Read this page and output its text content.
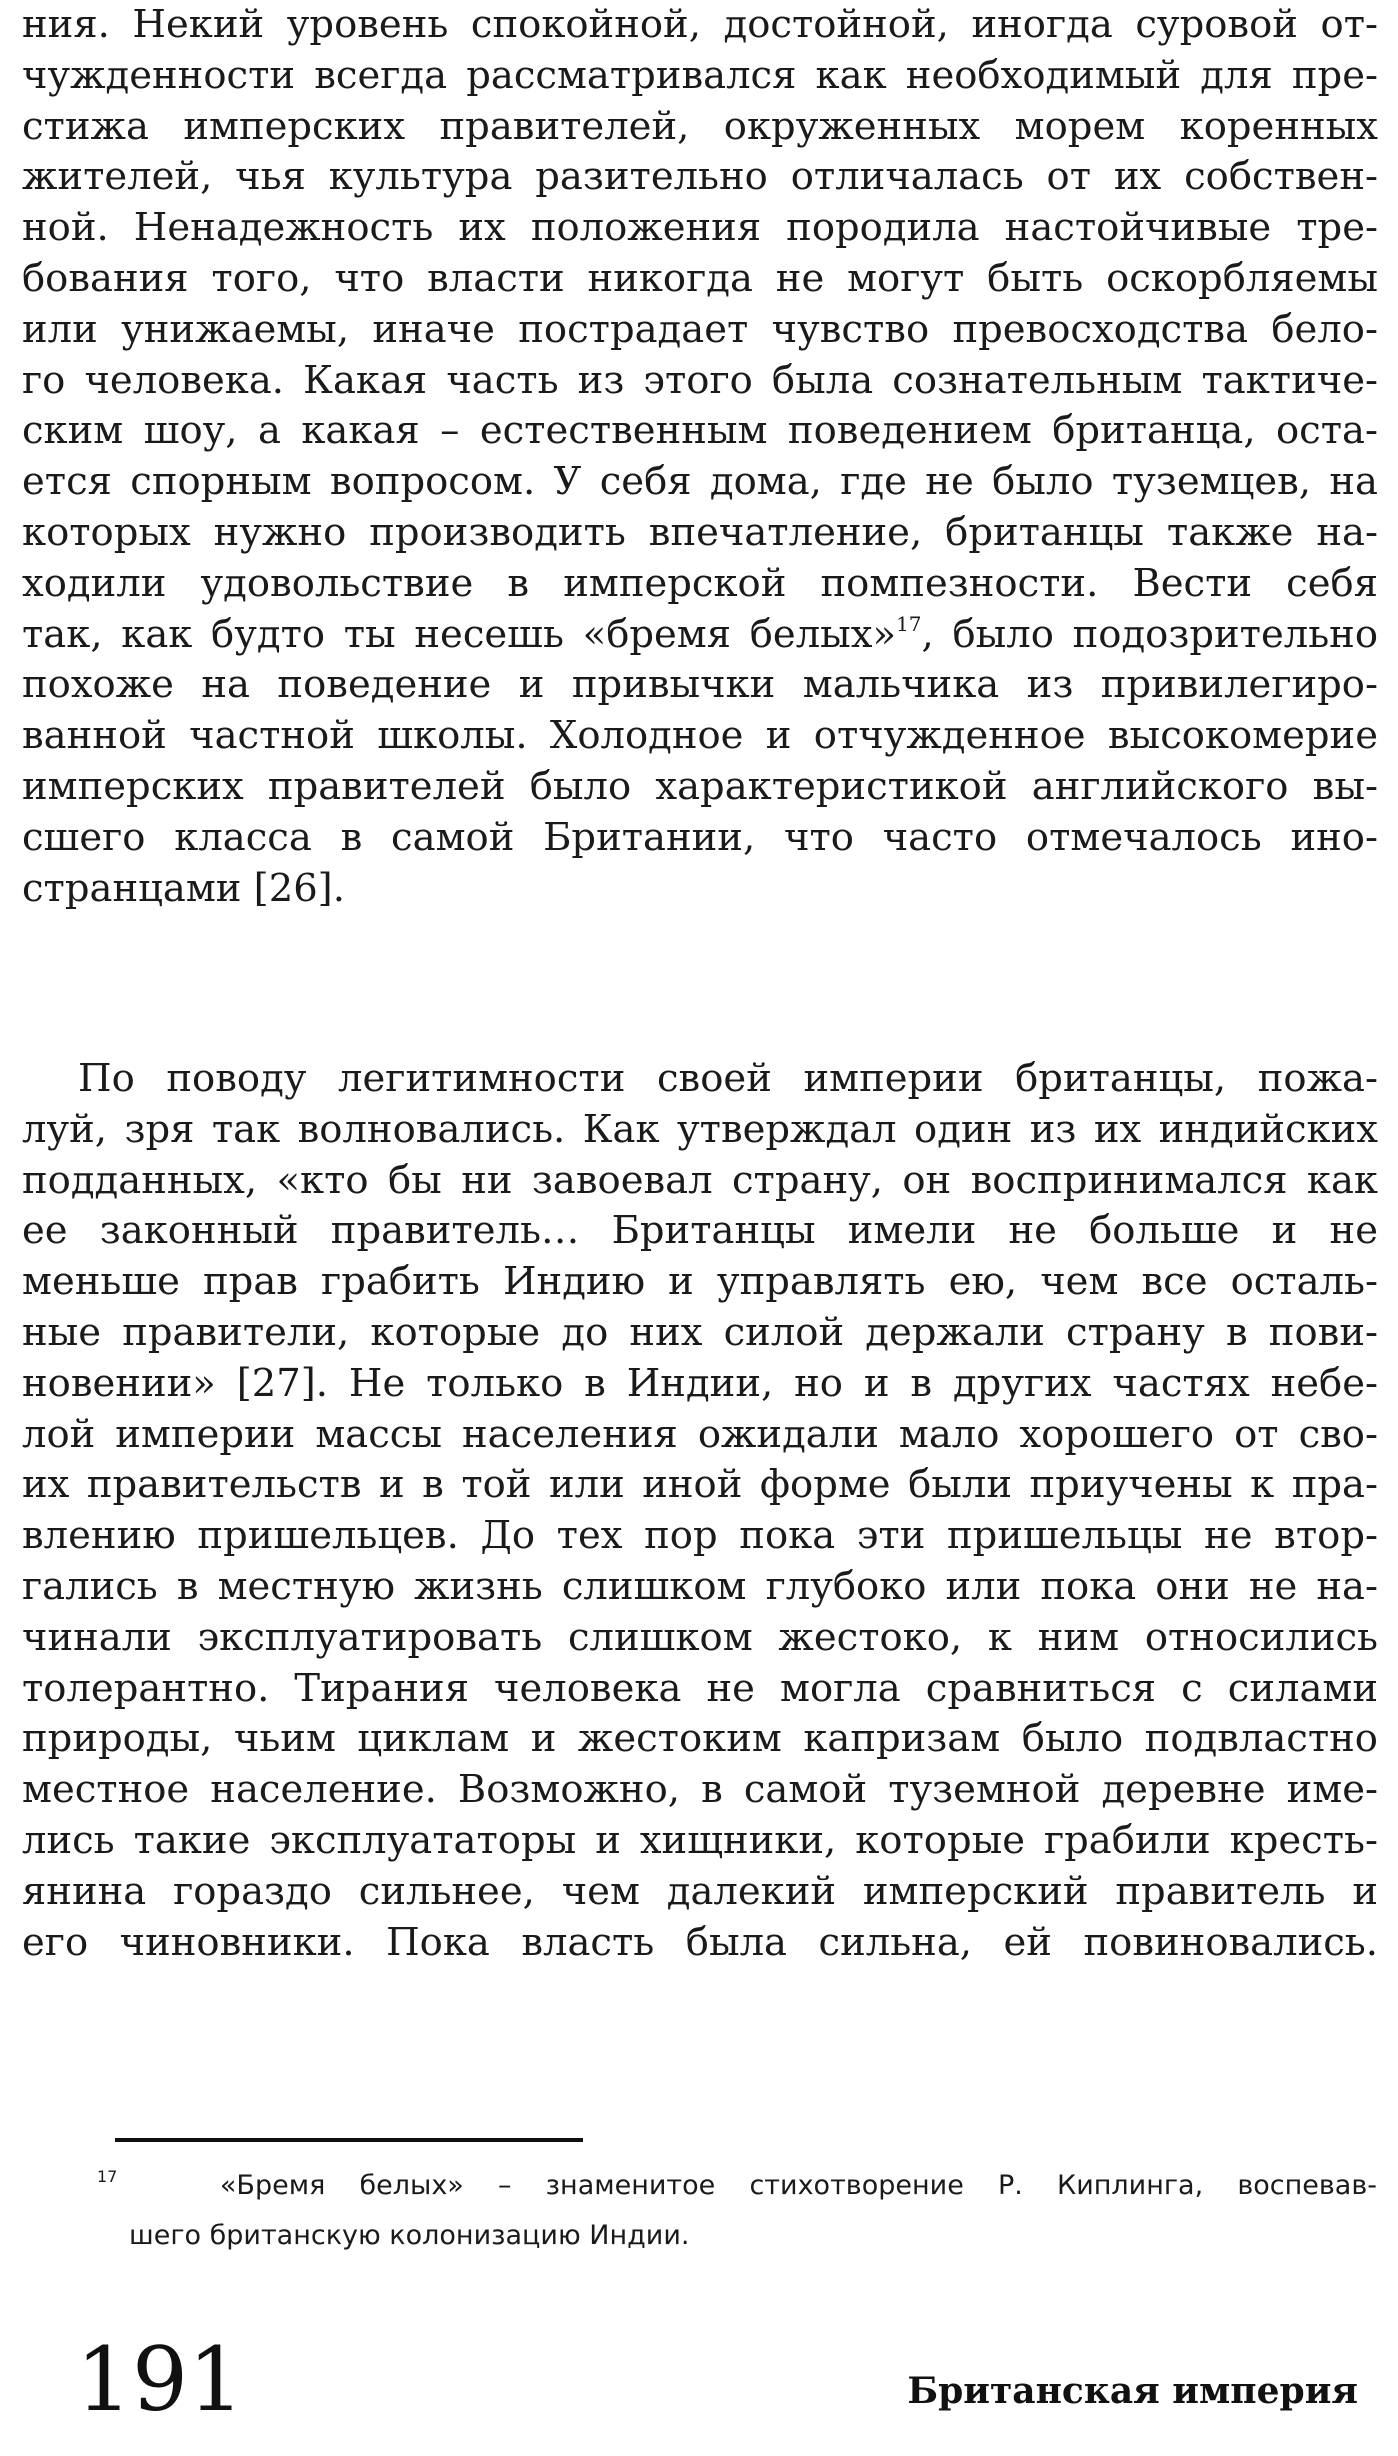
ния. Некий уровень спокойной, достойной, иногда суровой от-
чужденности всегда рассматривался как необходимый для пре-
стижа имперских правителей, окруженных морем коренных
жителей, чья культура разительно отличалась от их собствен-
ной. Ненадежность их положения породила настойчивые тре-
бования того, что власти никогда не могут быть оскорбляемы
или унижаемы, иначе пострадает чувство превосходства бело-
го человека. Какая часть из этого была сознательным тактиче-
ским шоу, а какая – естественным поведением британца, оста-
ется спорным вопросом. У себя дома, где не было туземцев, на
которых нужно производить впечатление, британцы также на-
ходили удовольствие в имперской помпезности. Вести себя
так, как будто ты несешь «бремя белых»$^{17}$, было подозрительно
похоже на поведение и привычки мальчика из привилегиро-
ванной частной школы. Холодное и отчужденное высокомерие
имперских правителей было характеристикой английского вы-
сшего класса в самой Британии, что часто отмечалось ино-
странцами [26].
По поводу легитимности своей империи британцы, пожа-
луй, зря так волновались. Как утверждал один из их индийских
подданных, «кто бы ни завоевал страну, он воспринимался как
ее законный правитель… Британцы имели не больше и не
меньше прав грабить Индию и управлять ею, чем все осталь-
ные правители, которые до них силой держали страну в пови-
новении» [27]. Не только в Индии, но и в других частях небе-
лой империи массы населения ожидали мало хорошего от сво-
их правительств и в той или иной форме были приучены к пра-
влению пришельцев. До тех пор пока эти пришельцы не втор-
гались в местную жизнь слишком глубоко или пока они не на-
чинали эксплуатировать слишком жестоко, к ним относились
толерантно. Тирания человека не могла сравниться с силами
природы, чьим циклам и жестоким капризам было подвластно
местное население. Возможно, в самой туземной деревне име-
лись такие эксплуататоры и хищники, которые грабили кресть-
янина гораздо сильнее, чем далекий имперский правитель и
его чиновники. Пока власть была сильна, ей повиновались.
$^{17}$	«Бремя белых» – знаменитое стихотворение Р. Киплинга, воспевав-
шего британскую колонизацию Индии.
191	Британская империя
